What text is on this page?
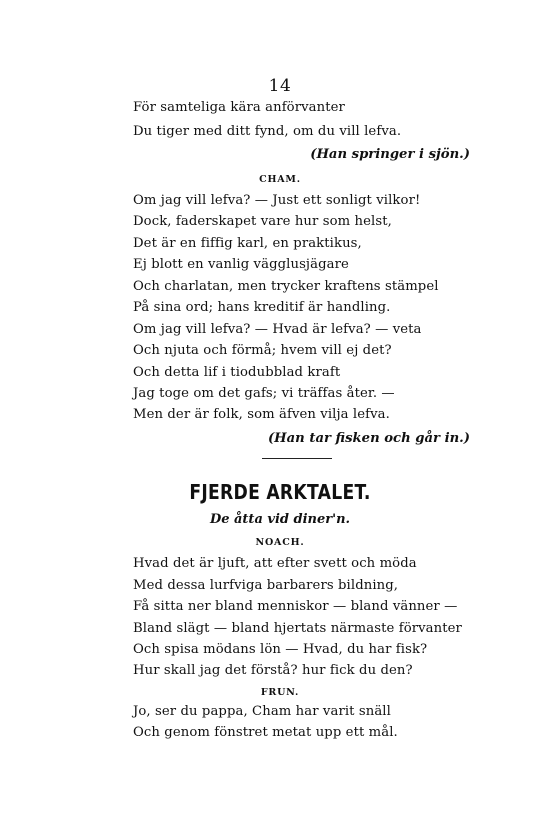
14
För samteliga kära anförvanter
Du tiger med ditt fynd, om du vill lefva.
(Han springer i sjön.)
CHAM.
Om jag vill lefva? — Just ett sonligt vilkor!
Dock, faderskapet vare hur som helst,
Det är en fiffig karl, en praktikus,
Ej blott en vanlig vägglusjägare
Och charlatan, men trycker kraftens stämpel
På sina ord; hans kreditif är handling.
Om jag vill lefva? — Hvad är lefva? — veta
Och njuta och förmå; hvem vill ej det?
Och detta lif i tiodubblad kraft
Jag toge om det gafs; vi träffas åter. —
Men der är folk, som äfven vilja lefva.
(Han tar fisken och går in.)
FJERDE ARKTALET.
De åtta vid diner'n.
NOACH.
Hvad det är ljuft, att efter svett och möda
Med dessa lurfviga barbarers bildning,
Få sitta ner bland menniskor — bland vänner —
Bland slägt — bland hjertats närmaste förvanter
Och spisa mödans lön — Hvad, du har fisk?
Hur skall jag det förstå? hur fick du den?
FRUN.
Jo, ser du pappa, Cham har varit snäll
Och genom fönstret metat upp ett mål.
